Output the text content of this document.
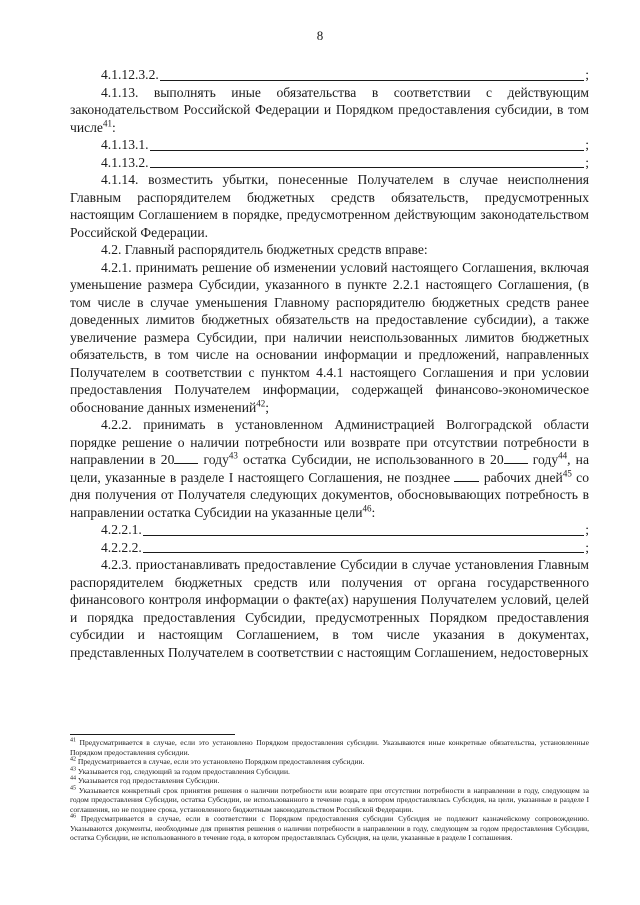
8
4.1.12.3.2.	;

4.1.13. выполнять иные обязательства в соответствии с действующим законодательством Российской Федерации и Порядком предоставления субсидии, в том числе$^{41}$:

4.1.13.1.	;
4.1.13.2.	;

4.1.14. возместить убытки, понесенные Получателем в случае неисполнения Главным распорядителем бюджетных средств обязательств, предусмотренных настоящим Соглашением в порядке, предусмотренном действующим законодательством Российской Федерации.

4.2. Главный распорядитель бюджетных средств вправе:

4.2.1. принимать решение об изменении условий настоящего Соглашения, включая уменьшение размера Субсидии, указанного в пункте 2.2.1 настоящего Соглашения, (в том числе в случае уменьшения Главному распорядителю бюджетных средств ранее доведенных лимитов бюджетных обязательств на предоставление субсидии), а также увеличение размера Субсидии, при наличии неиспользованных лимитов бюджетных обязательств, в том числе на основании информации и предложений, направленных Получателем в соответствии с пунктом 4.4.1 настоящего Соглашения и при условии предоставления Получателем информации, содержащей финансово-экономическое обоснование данных изменений$^{42}$;

4.2.2. принимать в установленном Администрацией Волгоградской области порядке решение о наличии потребности или возврате при отсутствии потребности в направлении в 20 году$^{43}$ остатка Субсидии, не использованного в 20 году$^{44}$, на цели, указанные в разделе I настоящего Соглашения, не позднее  рабочих дней$^{45}$ со дня получения от Получателя следующих документов, обосновывающих потребность в направлении остатка Субсидии на указанные цели$^{46}$:

4.2.2.1.	;
4.2.2.2.	;

4.2.3. приостанавливать предоставление Субсидии в случае установления Главным распорядителем бюджетных средств или получения от органа государственного финансового контроля информации о факте(ах) нарушения Получателем условий, целей и порядка предоставления Субсидии, предусмотренных Порядком предоставления субсидии и настоящим Соглашением, в том числе указания в документах, представленных Получателем в соответствии с настоящим Соглашением, недостоверных

$^{41}$ Предусматривается в случае, если это установлено Порядком предоставления субсидии. Указываются иные конкретные обязательства, установленные Порядком предоставления субсидии.

$^{42}$ Предусматривается в случае, если это установлено Порядком предоставления субсидии.

$^{43}$ Указывается год, следующий за годом предоставления Субсидии.

$^{44}$ Указывается год предоставления Субсидии.

$^{45}$ Указывается конкретный срок принятия решения о наличии потребности или возврате при отсутствии потребности в направлении в году, следующем за годом предоставления Субсидии, остатка Субсидии, не использованного в течение года, в котором предоставлялась Субсидия, на цели, указанные в разделе I соглашения, но не позднее срока, установленного бюджетным законодательством Российской Федерации.

$^{46}$ Предусматривается в случае, если в соответствии с Порядком предоставления субсидии Субсидия не подлежит казначейскому сопровождению. Указываются документы, необходимые для принятия решения о наличии потребности в направлении в году, следующем за годом предоставления Субсидии, остатка Субсидии, не использованного в течение года, в котором предоставлялась Субсидия, на цели, указанные в разделе I соглашения.
